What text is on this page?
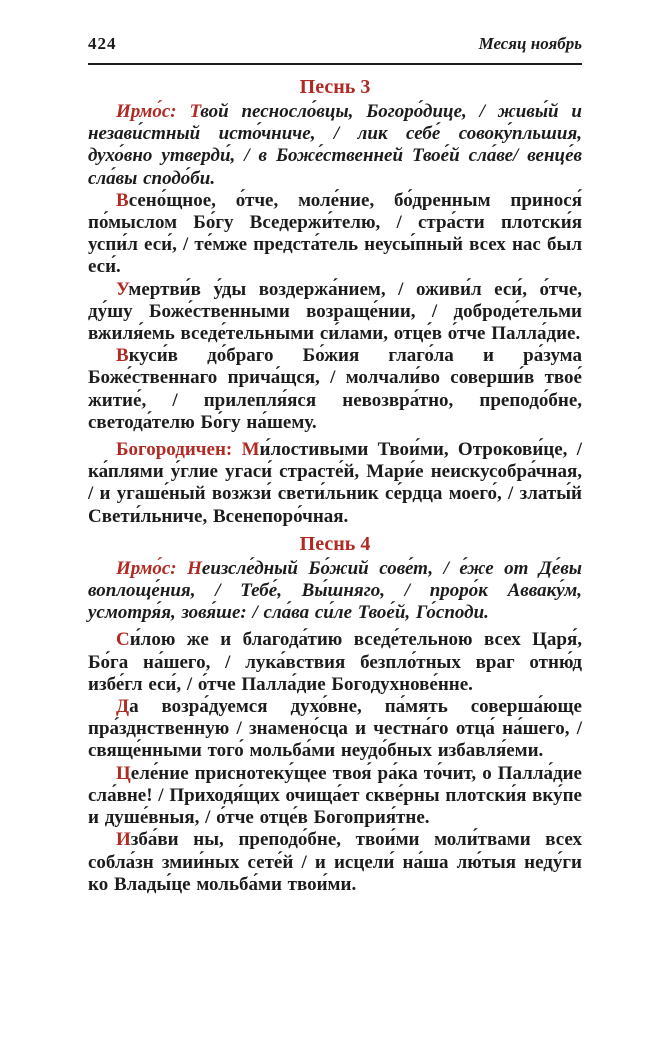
424	Месяц ноябрь
Песнь 3

Ирмо́с: Твой песносло́вцы, Богоро́дице, / живы́й и незави́стный исто́чниче, / лик себе́ совоку́пльшия, духо́вно утверди́, / в Боже́ственней Твое́й сла́ве/ венце́в сла́вы сподо́би.

Всено́щное, о́тче, моле́ние, бо́дренным принося́ по́мыслом Бо́гу Вседержи́телю, / стра́сти плотски́я успи́л еси́, / те́мже предста́тель неусы́пный всех нас был еси́.

Умертви́в у́ды воздержа́нием, / оживи́л еси́, о́тче, ду́шу Боже́ственными возраще́нии, / доброде́тельми вжиля́емь вседе́тельными си́лами, отце́в о́тче Палла́дие.

Вкуси́в до́браго Бо́жия глаго́ла и ра́зума Боже́ственнаго прича́щся, / молчали́во соверши́в твое́ житие́, / прилепля́яся невозвра́тно, преподо́бне, светода́телю Бо́гу на́шему.

Богородичен: Ми́лостивыми Твои́ми, Отрокови́це, / ка́плями у́глие угаси́ страсте́й, Мари́е неискусобра́чная, / и угаше́ный возжзи́ свети́льник се́рдца моего́, / златы́й Свети́льниче, Всенепоро́чная.

Песнь 4

Ирмо́с: Неизсле́дный Бо́жий сове́т, / е́же от Де́вы воплоще́ния, / Тебе́, Вы́шняго, / проро́к Авваку́м, усмотря́я, зовя́ше: / сла́ва си́ле Твое́й, Го́споди.

Си́лою же и благода́тию вседе́тельною всех Царя́, Бо́га на́шего, / лука́вствия безпло́тных враг отню́д избе́гл еси́, / о́тче Палла́дие Богодухнове́нне.

Да возра́дуемся духо́вне, па́мять соверша́юще пра́зднственную / знамено́сца и честна́го отца́ на́шего, / свяще́нными того́ мольба́ми неудо́бных избавля́еми.

Целе́ние приснотеку́щее твоя́ ра́ка то́чит, о Палла́дие сла́вне! / Приходя́щих очища́ет скве́рны плотски́я вку́пе и душе́вныя, / о́тче отце́в Богоприя́тне.

Изба́ви ны, преподо́бне, твои́ми моли́твами всех собла́зн змии́ных сете́й / и исцели́ на́ша лю́тыя неду́ги ко Влады́це мольба́ми твои́ми.
